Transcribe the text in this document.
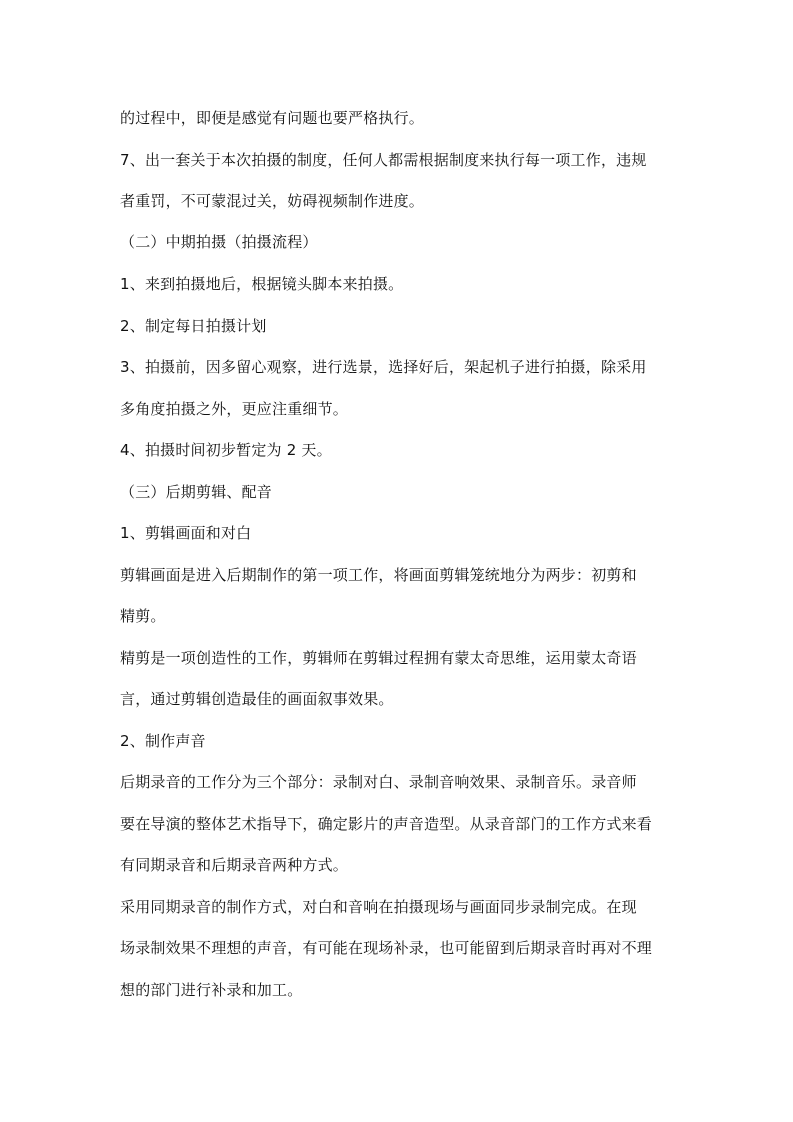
的过程中，即便是感觉有问题也要严格执行。
7、出一套关于本次拍摄的制度，任何人都需根据制度来执行每一项工作，违规
者重罚，不可蒙混过关，妨碍视频制作进度。
（二）中期拍摄（拍摄流程）
1、来到拍摄地后，根据镜头脚本来拍摄。
2、制定每日拍摄计划
3、拍摄前，因多留心观察，进行选景，选择好后，架起机子进行拍摄，除采用
多角度拍摄之外，更应注重细节。
4、拍摄时间初步暂定为 2 天。
（三）后期剪辑、配音
1、剪辑画面和对白
剪辑画面是进入后期制作的第一项工作，将画面剪辑笼统地分为两步：初剪和
精剪。
精剪是一项创造性的工作，剪辑师在剪辑过程拥有蒙太奇思维，运用蒙太奇语
言，通过剪辑创造最佳的画面叙事效果。
2、制作声音
后期录音的工作分为三个部分：录制对白、录制音响效果、录制音乐。录音师
要在导演的整体艺术指导下，确定影片的声音造型。从录音部门的工作方式来看
有同期录音和后期录音两种方式。
采用同期录音的制作方式，对白和音响在拍摄现场与画面同步录制完成。在现
场录制效果不理想的声音，有可能在现场补录，也可能留到后期录音时再对不理
想的部门进行补录和加工。
